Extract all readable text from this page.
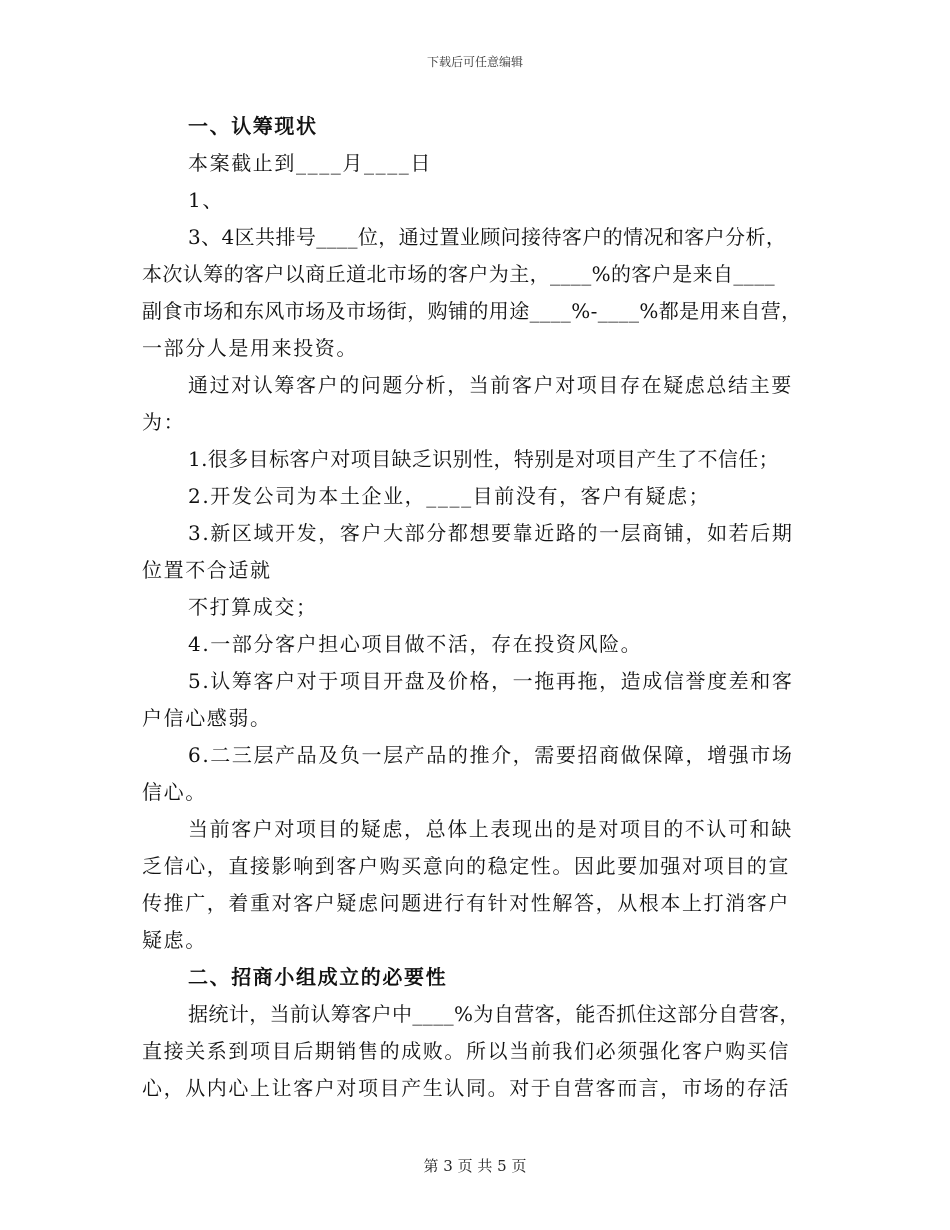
下载后可任意编辑
一、认筹现状
本案截止到____月____日
1、
3、4区共排号____位，通过置业顾问接待客户的情况和客户分析，
本次认筹的客户以商丘道北市场的客户为主，____%的客户是来自____
副食市场和东风市场及市场街，购铺的用途____%-____%都是用来自营，
一部分人是用来投资。
通过对认筹客户的问题分析，当前客户对项目存在疑虑总结主要
为：
1.很多目标客户对项目缺乏识别性，特别是对项目产生了不信任；
2.开发公司为本土企业，____目前没有，客户有疑虑；
3.新区域开发，客户大部分都想要靠近路的一层商铺，如若后期
位置不合适就
不打算成交；
4.一部分客户担心项目做不活，存在投资风险。
5.认筹客户对于项目开盘及价格，一拖再拖，造成信誉度差和客
户信心感弱。
6.二三层产品及负一层产品的推介，需要招商做保障，增强市场
信心。
当前客户对项目的疑虑，总体上表现出的是对项目的不认可和缺
乏信心，直接影响到客户购买意向的稳定性。因此要加强对项目的宣
传推广，着重对客户疑虑问题进行有针对性解答，从根本上打消客户
疑虑。
二、招商小组成立的必要性
据统计，当前认筹客户中____%为自营客，能否抓住这部分自营客，
直接关系到项目后期销售的成败。所以当前我们必须强化客户购买信
心，从内心上让客户对项目产生认同。对于自营客而言，市场的存活
第 3 页 共 5 页
